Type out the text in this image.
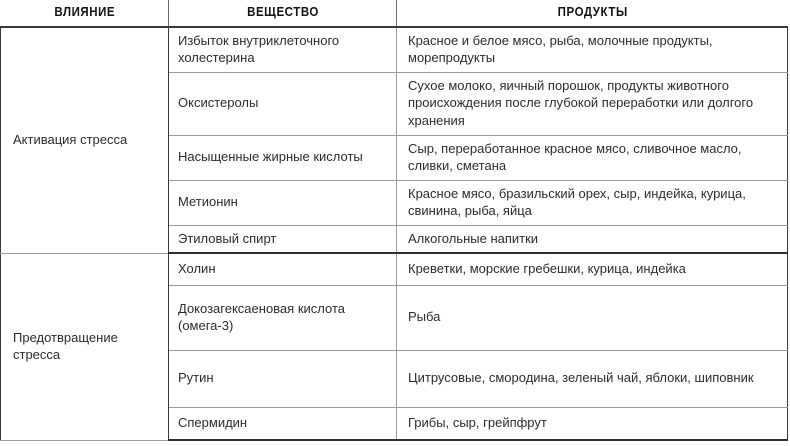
ВЛИЯНИЕ	ВЕЩЕСТВО	ПРОДУКТЫ
Активация стресса	Избыток внутриклеточного холестерина	Красное и белое мясо, рыба, молочные продукты, морепродукты
	Оксистеролы	Сухое молоко, яичный порошок, продукты животного происхождения после глубокой переработки или долгого хранения
	Насыщенные жирные кислоты	Сыр, переработанное красное мясо, сливочное масло, сливки, сметана
	Метионин	Красное мясо, бразильский орех, сыр, индейка, курица, свинина, рыба, яйца
	Этиловый спирт	Алкогольные напитки
Предотвращение стресса	Холин	Креветки, морские гребешки, курица, индейка
	Докозагексаеновая кислота (омега-3)	Рыба
	Рутин	Цитрусовые, смородина, зеленый чай, яблоки, шиповник
	Спермидин	Грибы, сыр, грейпфрут
